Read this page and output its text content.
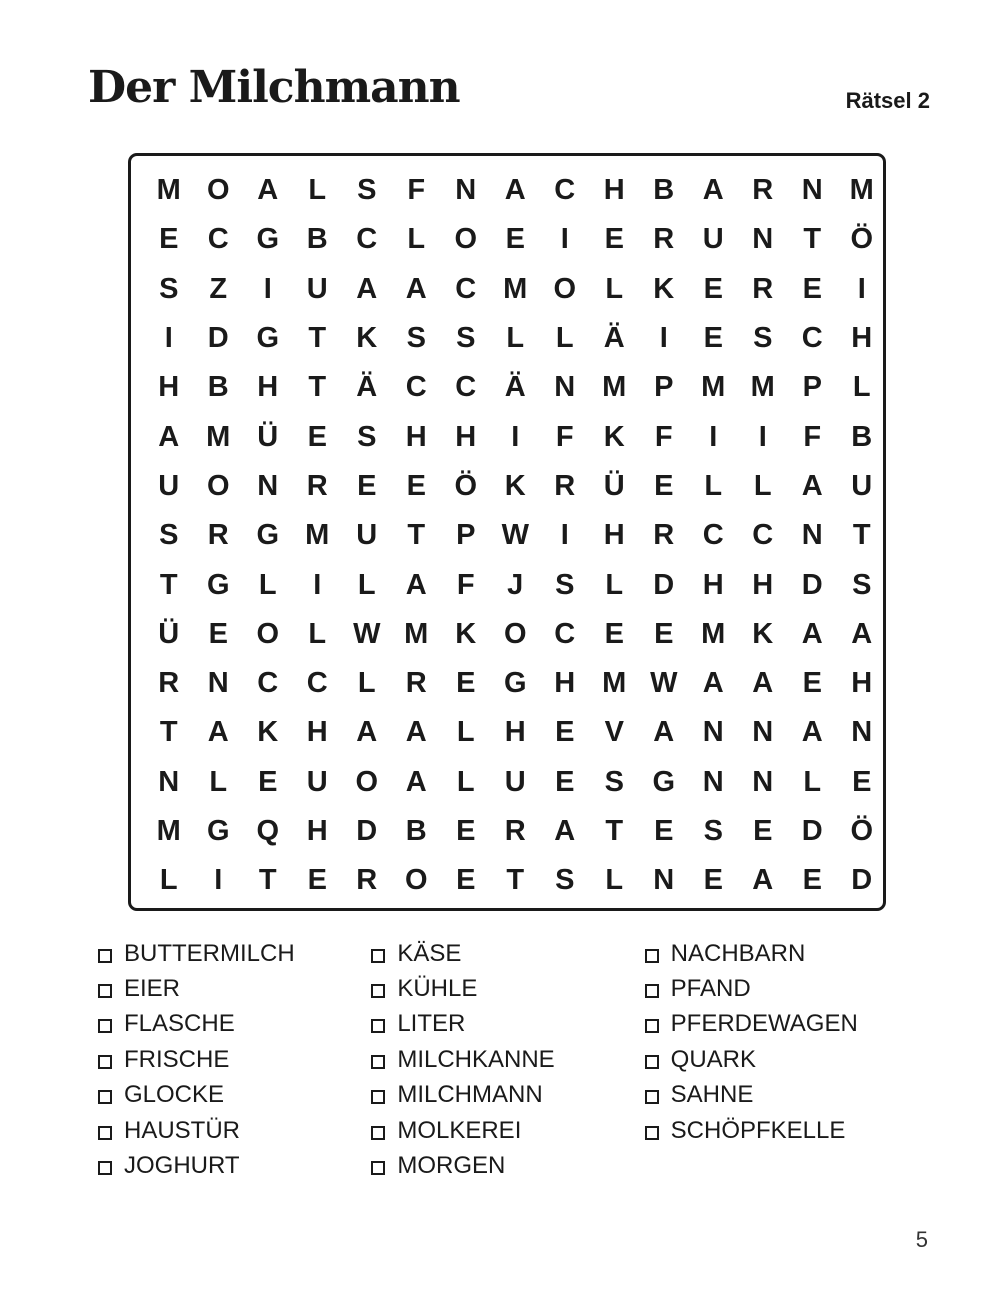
Der Milchmann	Rätsel 2
M O A	L	S	F	N A C H B A R N M
E	C G B C	L	O E	I	E	R U N	T	Ö
S	Z	I	U A A C M O	L	K	E	R	E	I
I	D G	T	K	S	S	L	L	Ä	I	E	S	C H
H B H	T	Ä C C Ä N M P M M P	L
A M Ü	E	S	H H	I	F	K	F	I	I	F	B
U O N R	E	E Ö K R Ü	E	L	L	A U
S	R G M U	T	P W	I	H R C C N	T
T	G	L	I	L	A	F	J	S	L	D H H D	S
Ü	E O	L W M K O C	E	E M K A A
R N C C	L	R	E G H M W A A	E	H
T	A K H A A	L	H	E	V	A N N A N
N	L	E	U O A	L	U	E	S G N N	L	E
M G Q H D B	E	R A	T	E	S	E	D Ö
L	I	T	E	R O E	T	S	L	N	E	A	E	D
BUTTERMILCH
EIER
FLASCHE
FRISCHE
GLOCKE
HAUSTÜR
JOGHURT
KÄSE
KÜHLE
LITER
MILCHKANNE
MILCHMANN
MOLKEREI
MORGEN
NACHBARN
PFAND
PFERDEWAGEN
QUARK
SAHNE
SCHÖPFKELLE
5
